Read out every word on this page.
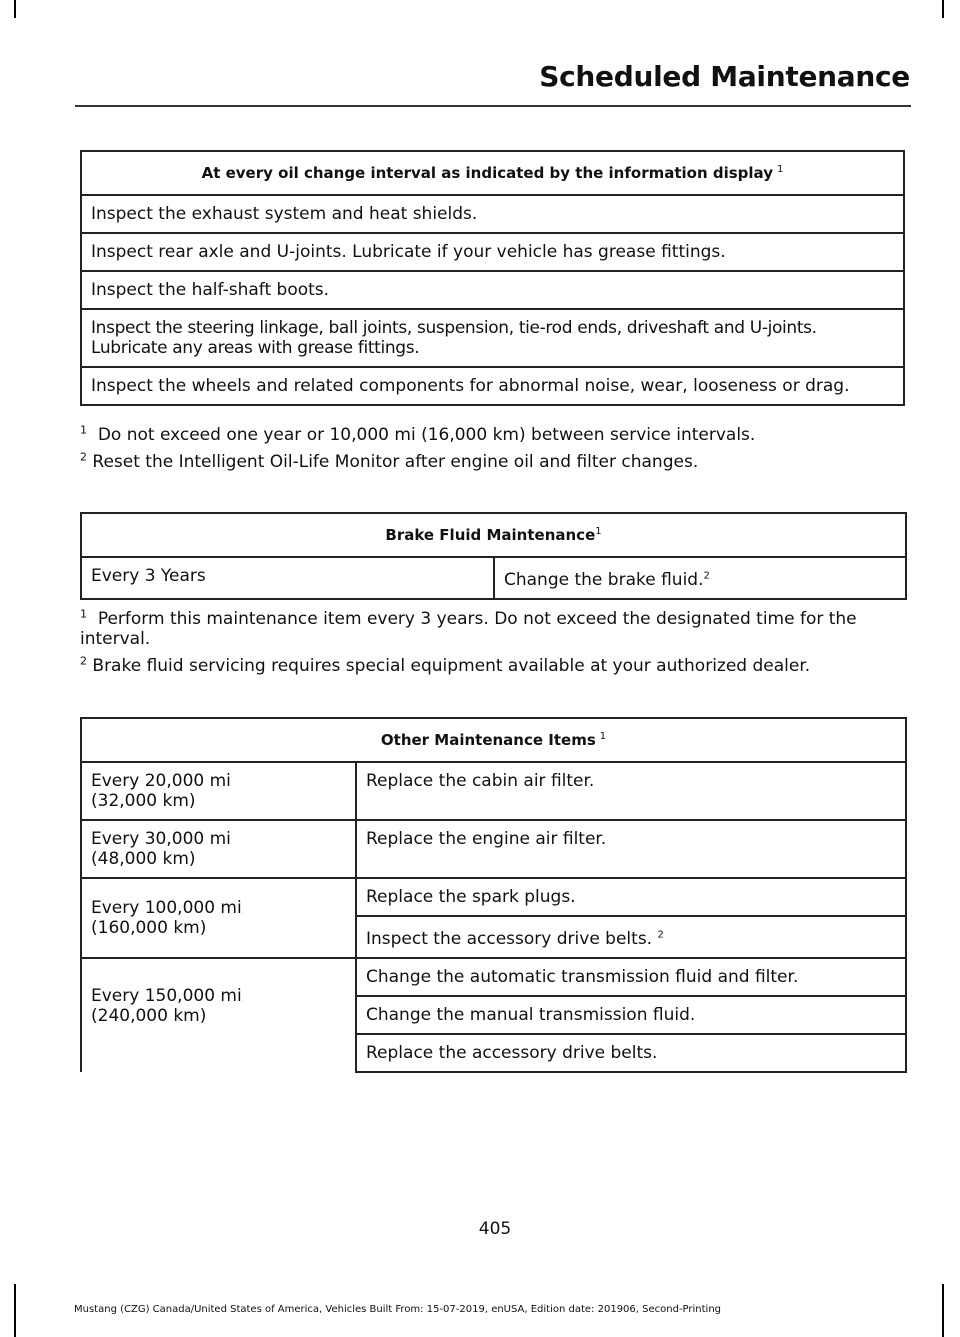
Scheduled Maintenance
At every oil change interval as indicated by the information display $^1$
Inspect the exhaust system and heat shields.
Inspect rear axle and U-joints. Lubricate if your vehicle has grease fittings.
Inspect the half-shaft boots.
Inspect the steering linkage, ball joints, suspension, tie-rod ends, driveshaft and U-joints. Lubricate any areas with grease fittings.
Inspect the wheels and related components for abnormal noise, wear, looseness or drag.

$^1$ Do not exceed one year or 10,000 mi (16,000 km) between service intervals.

$^2$ Reset the Intelligent Oil-Life Monitor after engine oil and filter changes.

Brake Fluid Maintenance$^1$
Every 3 Years	Change the brake fluid.$^2$

$^1$ Perform this maintenance item every 3 years. Do not exceed the designated time for the interval.

$^2$ Brake fluid servicing requires special equipment available at your authorized dealer.

Other Maintenance Items $^1$

Every 20,000 mi
(32,000 km)	Replace the cabin air filter.

Every 30,000 mi
(48,000 km)	Replace the engine air filter.

Every 100,000 mi
(160,000 km)	Replace the spark plugs.
	Inspect the accessory drive belts. $^2$

Every 150,000 mi
(240,000 km)	Change the automatic transmission fluid and filter.
	Change the manual transmission fluid.
	Replace the accessory drive belts.
405
Mustang (CZG) Canada/United States of America, Vehicles Built From: 15-07-2019, enUSA, Edition date: 201906, Second-Printing
